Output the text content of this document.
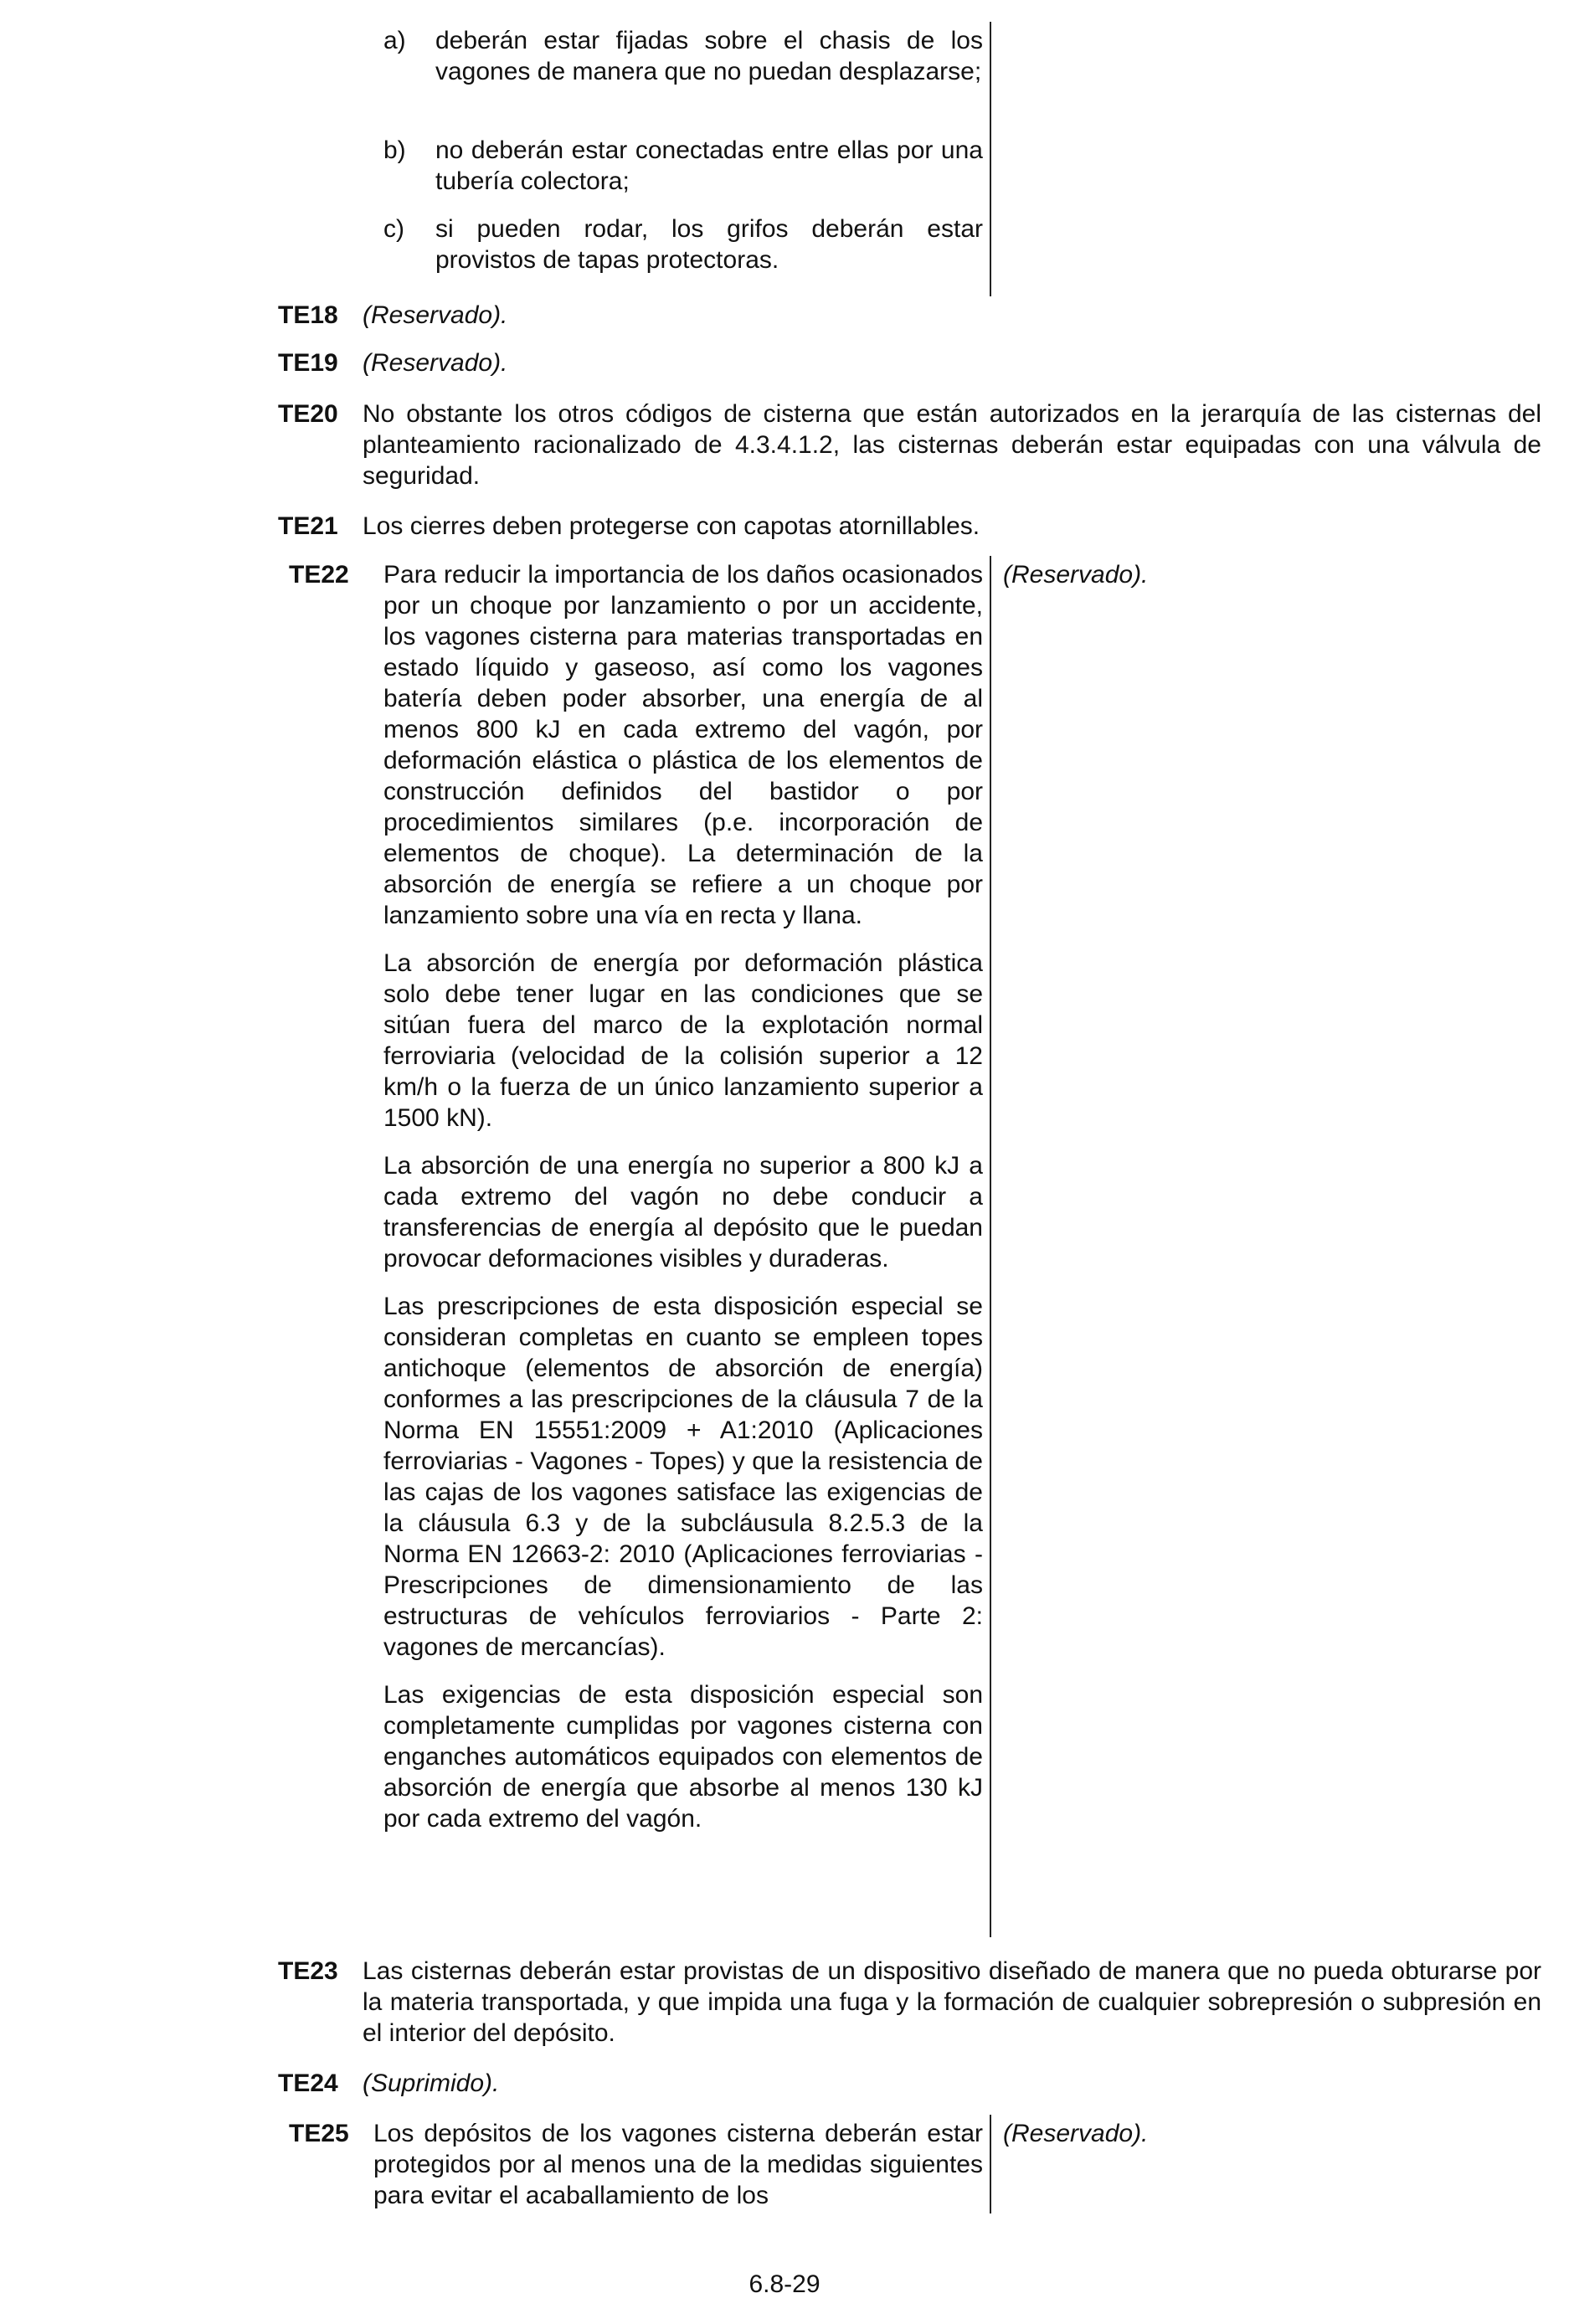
a) deberán estar fijadas sobre el chasis de los vagones de manera que no puedan desplazarse;
b) no deberán estar conectadas entre ellas por una tubería colectora;
c) si pueden rodar, los grifos deberán estar provistos de tapas protectoras.
TE18 (Reservado).
TE19 (Reservado).
TE20 No obstante los otros códigos de cisterna que están autorizados en la jerarquía de las cisternas del planteamiento racionalizado de 4.3.4.1.2, las cisternas deberán estar equipadas con una válvula de seguridad.
TE21 Los cierres deben protegerse con capotas atornillables.
TE22 Para reducir la importancia de los daños ocasionados por un choque por lanzamiento o por un accidente, los vagones cisterna para materias transportadas en estado líquido y gaseoso, así como los vagones batería deben poder absorber, una energía de al menos 800 kJ en cada extremo del vagón, por deformación elástica o plástica de los elementos de construcción definidos del bastidor o por procedimientos similares (p.e. incorporación de elementos de choque). La determinación de la absorción de energía se refiere a un choque por lanzamiento sobre una vía en recta y llana.

La absorción de energía por deformación plástica solo debe tener lugar en las condiciones que se sitúan fuera del marco de la explotación normal ferroviaria (velocidad de la colisión superior a 12 km/h o la fuerza de un único lanzamiento superior a 1500 kN).

La absorción de una energía no superior a 800 kJ a cada extremo del vagón no debe conducir a transferencias de energía al depósito que le puedan provocar deformaciones visibles y duraderas.

Las prescripciones de esta disposición especial se consideran completas en cuanto se empleen topes antichoque (elementos de absorción de energía) conformes a las prescripciones de la cláusula 7 de la Norma EN 15551:2009 + A1:2010 (Aplicaciones ferroviarias - Vagones - Topes) y que la resistencia de las cajas de los vagones satisface las exigencias de la cláusula 6.3 y de la subcláusula 8.2.5.3 de la Norma EN 12663-2: 2010 (Aplicaciones ferroviarias - Prescripciones de dimensionamiento de las estructuras de vehículos ferroviarios - Parte 2: vagones de mercancías).

Las exigencias de esta disposición especial son completamente cumplidas por vagones cisterna con enganches automáticos equipados con elementos de absorción de energía que absorbe al menos 130 kJ por cada extremo del vagón.

(Reservado).
TE23 Las cisternas deberán estar provistas de un dispositivo diseñado de manera que no pueda obturarse por la materia transportada, y que impida una fuga y la formación de cualquier sobrepresión o subpresión en el interior del depósito.
TE24 (Suprimido).
TE25 Los depósitos de los vagones cisterna deberán estar protegidos por al menos una de la medidas siguientes para evitar el acaballamiento de los
(Reservado).
6.8-29
